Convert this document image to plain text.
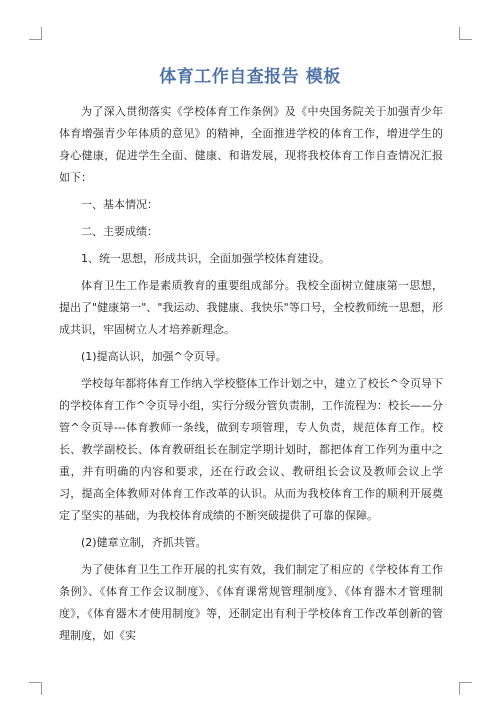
体育工作自查报告 模板

为了深入贯彻落实《学校体育工作条例》及《中央国务院关于加强青少年体育增强青少年体质的意见》的精神，全面推进学校的体育工作，增进学生的身心健康，促进学生全面、健康、和谐发展，现将我校体育工作自查情况汇报如下：

一、基本情况：

二、主要成绩：

1、统一思想，形成共识，全面加强学校体育建设。

体育卫生工作是素质教育的重要组成部分。我校全面树立健康第一思想，提出了"健康第一"、"我运动、我健康、我快乐"等口号，全校教师统一思想，形成共识，牢固树立人才培养新理念。

(1)提高认识，加强^令页导。

学校每年都将体育工作纳入学校整体工作计划之中，建立了校长^令页导下的学校体育工作^令页导小组，实行分级分管负责制，工作流程为：校长——分管^令页导---体育教师一条线，做到专项管理，专人负责，规范体育工作。校长、教学副校长、体育教研组长在制定学期计划时，都把体育工作列为重中之重，并有明确的内容和要求，还在行政会议、教研组长会议及教师会议上学习，提高全体教师对体育工作改革的认识。从而为我校体育工作的顺利开展奠定了坚实的基础，为我校体育成绩的不断突破提供了可靠的保障。

(2)健章立制，齐抓共管。

为了使体育卫生工作开展的扎实有效，我们制定了相应的《学校体育工作条例》、《体育工作会议制度》、《体育课常规管理制度》、《体育器木才管理制度》，《体育器木才使用制度》等，还制定出有利于学校体育工作改革创新的管理制度，如《实
